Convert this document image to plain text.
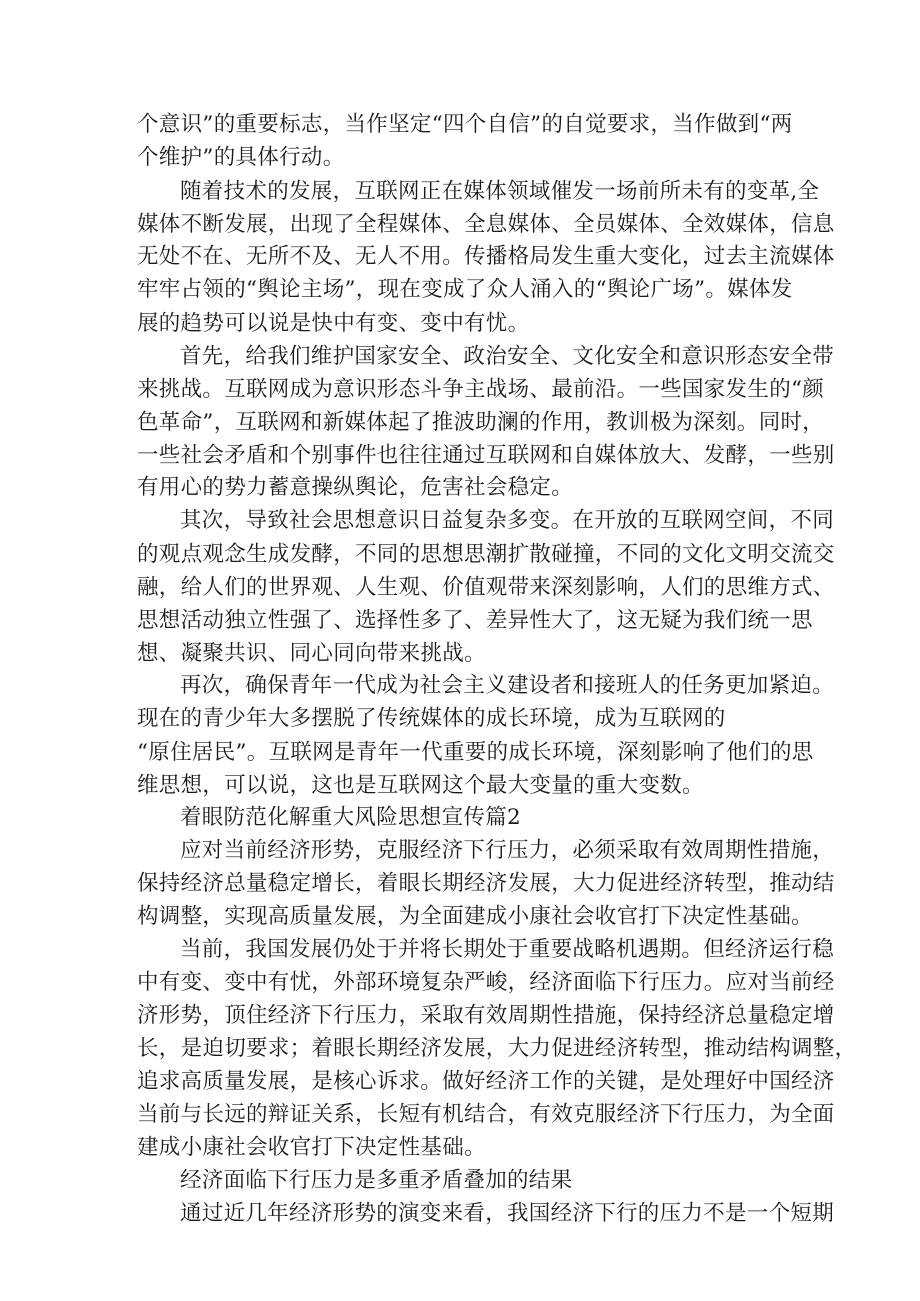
个意识”的重要标志，当作坚定“四个自信”的自觉要求，当作做到“两
个维护”的具体行动。
随着技术的发展，互联网正在媒体领域催发一场前所未有的变革,全
媒体不断发展，出现了全程媒体、全息媒体、全员媒体、全效媒体，信息
无处不在、无所不及、无人不用。传播格局发生重大变化，过去主流媒体
牢牢占领的“舆论主场”，现在变成了众人涌入的“舆论广场”。媒体发
展的趋势可以说是快中有变、变中有忧。
首先，给我们维护国家安全、政治安全、文化安全和意识形态安全带
来挑战。互联网成为意识形态斗争主战场、最前沿。一些国家发生的“颜
色革命”，互联网和新媒体起了推波助澜的作用，教训极为深刻。同时，
一些社会矛盾和个别事件也往往通过互联网和自媒体放大、发酵，一些别
有用心的势力蓄意操纵舆论，危害社会稳定。
其次，导致社会思想意识日益复杂多变。在开放的互联网空间，不同
的观点观念生成发酵，不同的思想思潮扩散碰撞，不同的文化文明交流交
融，给人们的世界观、人生观、价值观带来深刻影响，人们的思维方式、
思想活动独立性强了、选择性多了、差异性大了，这无疑为我们统一思
想、凝聚共识、同心同向带来挑战。
再次，确保青年一代成为社会主义建设者和接班人的任务更加紧迫。
现在的青少年大多摆脱了传统媒体的成长环境，成为互联网的
“原住居民”。互联网是青年一代重要的成长环境，深刻影响了他们的思
维思想，可以说，这也是互联网这个最大变量的重大变数。
着眼防范化解重大风险思想宣传篇2
应对当前经济形势，克服经济下行压力，必须采取有效周期性措施，
保持经济总量稳定增长，着眼长期经济发展，大力促进经济转型，推动结
构调整，实现高质量发展，为全面建成小康社会收官打下决定性基础。
当前，我国发展仍处于并将长期处于重要战略机遇期。但经济运行稳
中有变、变中有忧，外部环境复杂严峻，经济面临下行压力。应对当前经
济形势，顶住经济下行压力，采取有效周期性措施，保持经济总量稳定增
长，是迫切要求；着眼长期经济发展，大力促进经济转型，推动结构调整，
追求高质量发展，是核心诉求。做好经济工作的关键，是处理好中国经济
当前与长远的辩证关系，长短有机结合，有效克服经济下行压力，为全面
建成小康社会收官打下决定性基础。
经济面临下行压力是多重矛盾叠加的结果
通过近几年经济形势的演变来看，我国经济下行的压力不是一个短期
